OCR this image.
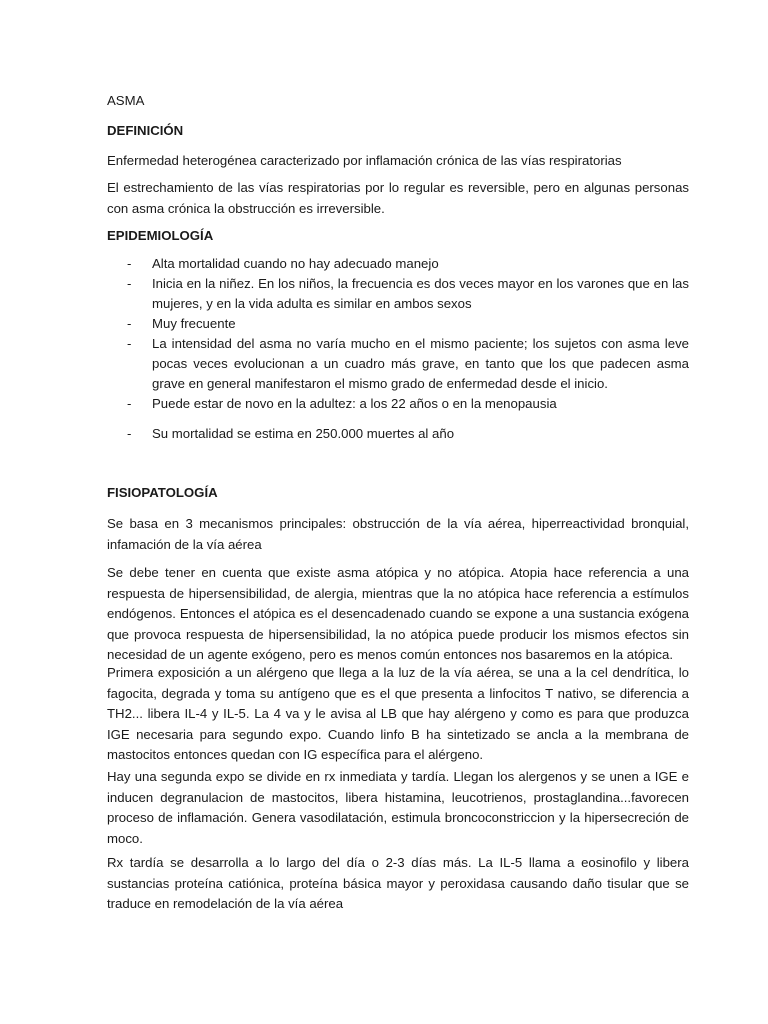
ASMA

DEFINICIÓN

Enfermedad heterogénea caracterizado por inflamación crónica de las vías respiratorias

El estrechamiento de las vías respiratorias por lo regular es reversible, pero en algunas personas con asma crónica la obstrucción es irreversible.

EPIDEMIOLOGÍA

- Alta mortalidad cuando no hay adecuado manejo
- Inicia en la niñez. En los niños, la frecuencia es dos veces mayor en los varones que en las mujeres, y en la vida adulta es similar en ambos sexos
- Muy frecuente
- La intensidad del asma no varía mucho en el mismo paciente; los sujetos con asma leve pocas veces evolucionan a un cuadro más grave, en tanto que los que padecen asma grave en general manifestaron el mismo grado de enfermedad desde el inicio.
- Puede estar de novo en la adultez: a los 22 años o en la menopausia
- Su mortalidad se estima en 250.000 muertes al año

FISIOPATOLOGÍA

Se basa en 3 mecanismos principales: obstrucción de la vía aérea, hiperreactividad bronquial, infamación de la vía aérea

Se debe tener en cuenta que existe asma atópica y no atópica. Atopia hace referencia a una respuesta de hipersensibilidad, de alergia, mientras que la no atópica hace referencia a estímulos endógenos. Entonces el atópica es el desencadenado cuando se expone a una sustancia exógena que provoca respuesta de hipersensibilidad, la no atópica puede producir los mismos efectos sin necesidad de un agente exógeno, pero es menos común entonces nos basaremos en la atópica.

Primera exposición a un alérgeno que llega a la luz de la vía aérea, se una a la cel dendrítica, lo fagocita, degrada y toma su antígeno que es el que presenta a linfocitos T nativo, se diferencia a TH2... libera IL-4 y IL-5. La 4 va y le avisa al LB que hay alérgeno y como es para que produzca IGE necesaria para segundo expo. Cuando linfo B ha sintetizado se ancla a la membrana de mastocitos entonces quedan con IG específica para el alérgeno.

Hay una segunda expo se divide en rx inmediata y tardía. Llegan los alergenos y se unen a IGE e inducen degranulacion de mastocitos, libera histamina, leucotrienos, prostaglandina...favorecen proceso de inflamación. Genera vasodilatación, estimula broncoconstriccion y la hipersecreción de moco.

Rx tardía se desarrolla a lo largo del día o 2-3 días más. La IL-5 llama a eosinofilo y libera sustancias proteína catiónica, proteína básica mayor y peroxidasa causando daño tisular que se traduce en remodelación de la vía aérea
